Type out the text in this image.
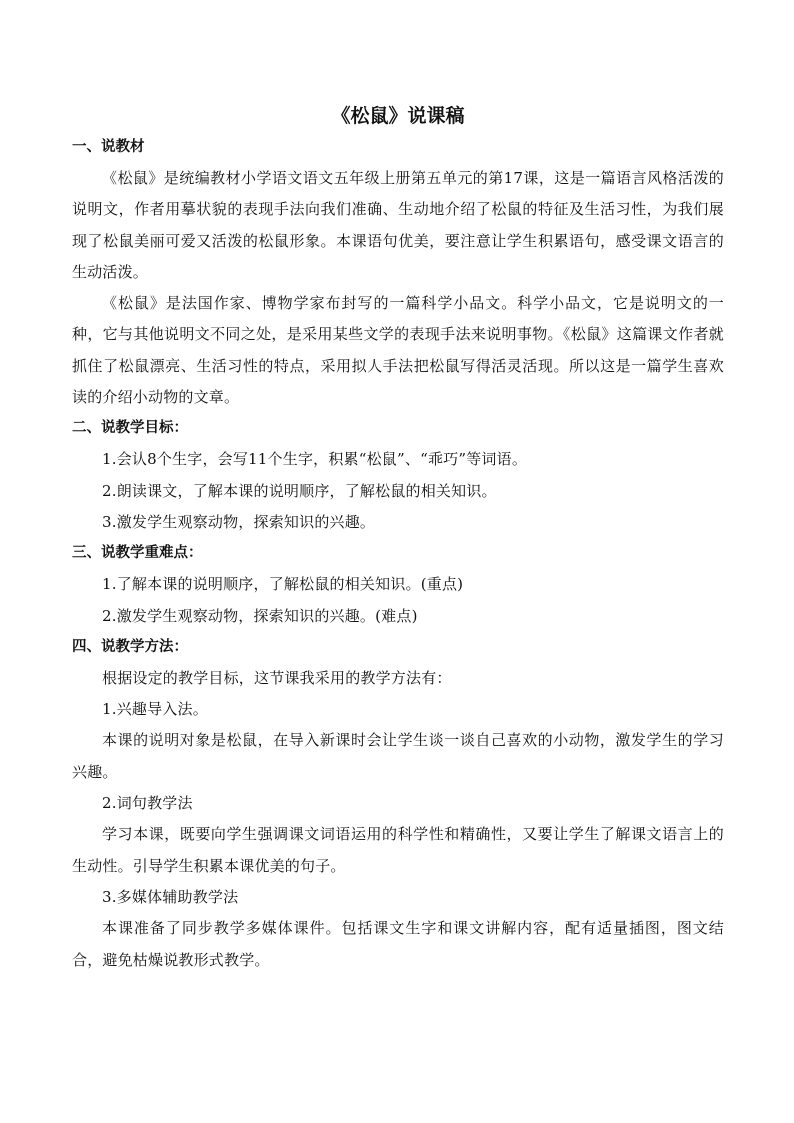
《松鼠》说课稿
一、说教材

《松鼠》是统编教材小学语文语文五年级上册第五单元的第17课，这是一篇语言风格活泼的说明文，作者用摹状貌的表现手法向我们准确、生动地介绍了松鼠的特征及生活习性，为我们展现了松鼠美丽可爱又活泼的松鼠形象。本课语句优美，要注意让学生积累语句，感受课文语言的生动活泼。

《松鼠》是法国作家、博物学家布封写的一篇科学小品文。科学小品文，它是说明文的一种，它与其他说明文不同之处，是采用某些文学的表现手法来说明事物。《松鼠》这篇课文作者就抓住了松鼠漂亮、生活习性的特点，采用拟人手法把松鼠写得活灵活现。所以这是一篇学生喜欢读的介绍小动物的文章。

二、说教学目标：

1.会认8个生字，会写11个生字，积累“松鼠”、“乖巧”等词语。

2.朗读课文，了解本课的说明顺序，了解松鼠的相关知识。

3.激发学生观察动物，探索知识的兴趣。

三、说教学重难点：

1.了解本课的说明顺序，了解松鼠的相关知识。(重点)

2.激发学生观察动物，探索知识的兴趣。(难点)

四、说教学方法：

根据设定的教学目标，这节课我采用的教学方法有：

1.兴趣导入法。

本课的说明对象是松鼠，在导入新课时会让学生谈一谈自己喜欢的小动物，激发学生的学习兴趣。

2.词句教学法

学习本课，既要向学生强调课文词语运用的科学性和精确性，又要让学生了解课文语言上的生动性。引导学生积累本课优美的句子。

3.多媒体辅助教学法

本课准备了同步教学多媒体课件。包括课文生字和课文讲解内容，配有适量插图，图文结合，避免枯燥说教形式教学。
